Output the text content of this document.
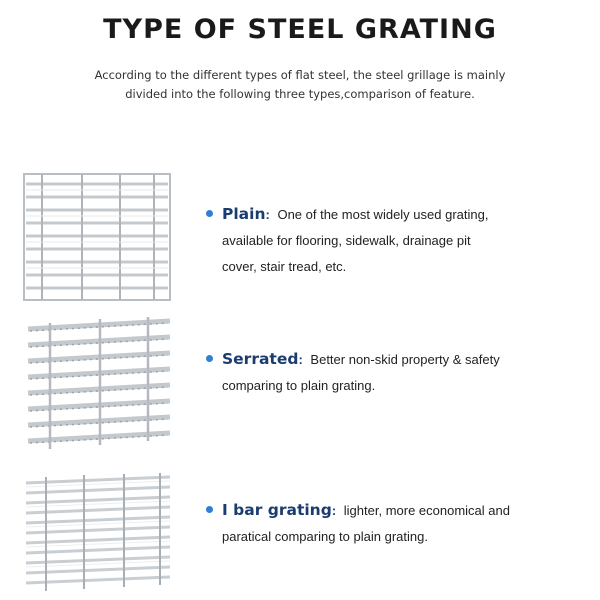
TYPE OF STEEL GRATING
According to the different types of flat steel, the steel grillage is mainly
divided into the following three types,comparison of feature.
Plain: One of the most widely used grating,
available for flooring, sidewalk, drainage pit
cover, stair tread, etc.
Serrated: Better non-skid property & safety
comparing to plain grating.
I bar grating: lighter, more economical and
paratical comparing to plain grating.
